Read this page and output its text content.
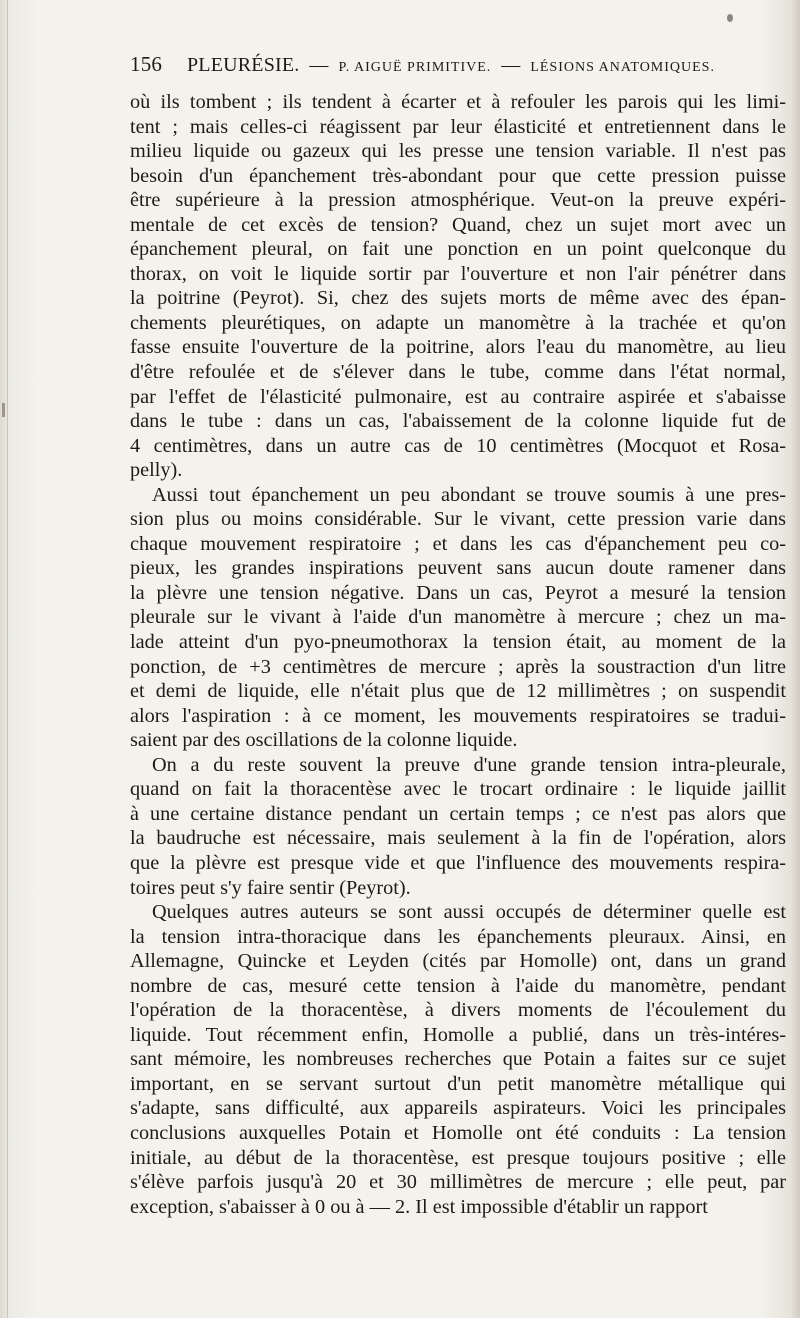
156 PLEURÉSIE. — P. AIGUË PRIMITIVE. — LÉSIONS ANATOMIQUES.
où ils tombent ; ils tendent à écarter et à refouler les parois qui les limi-
tent ; mais celles-ci réagissent par leur élasticité et entretiennent dans le
milieu liquide ou gazeux qui les presse une tension variable. Il n'est pas
besoin d'un épanchement très-abondant pour que cette pression puisse
être supérieure à la pression atmosphérique. Veut-on la preuve expéri-
mentale de cet excès de tension? Quand, chez un sujet mort avec un
épanchement pleural, on fait une ponction en un point quelconque du
thorax, on voit le liquide sortir par l'ouverture et non l'air pénétrer dans
la poitrine (Peyrot). Si, chez des sujets morts de même avec des épan-
chements pleurétiques, on adapte un manomètre à la trachée et qu'on
fasse ensuite l'ouverture de la poitrine, alors l'eau du manomètre, au lieu
d'être refoulée et de s'élever dans le tube, comme dans l'état normal,
par l'effet de l'élasticité pulmonaire, est au contraire aspirée et s'abaisse
dans le tube : dans un cas, l'abaissement de la colonne liquide fut de
4 centimètres, dans un autre cas de 10 centimètres (Mocquot et Rosa-
pelly).
Aussi tout épanchement un peu abondant se trouve soumis à une pres-
sion plus ou moins considérable. Sur le vivant, cette pression varie dans
chaque mouvement respiratoire ; et dans les cas d'épanchement peu co-
pieux, les grandes inspirations peuvent sans aucun doute ramener dans
la plèvre une tension négative. Dans un cas, Peyrot a mesuré la tension
pleurale sur le vivant à l'aide d'un manomètre à mercure ; chez un ma-
lade atteint d'un pyo-pneumothorax la tension était, au moment de la
ponction, de +3 centimètres de mercure ; après la soustraction d'un litre
et demi de liquide, elle n'était plus que de 12 millimètres ; on suspendit
alors l'aspiration : à ce moment, les mouvements respiratoires se tradui-
saient par des oscillations de la colonne liquide.
On a du reste souvent la preuve d'une grande tension intra-pleurale,
quand on fait la thoracentèse avec le trocart ordinaire : le liquide jaillit
à une certaine distance pendant un certain temps ; ce n'est pas alors que
la baudruche est nécessaire, mais seulement à la fin de l'opération, alors
que la plèvre est presque vide et que l'influence des mouvements respira-
toires peut s'y faire sentir (Peyrot).
Quelques autres auteurs se sont aussi occupés de déterminer quelle est
la tension intra-thoracique dans les épanchements pleuraux. Ainsi, en
Allemagne, Quincke et Leyden (cités par Homolle) ont, dans un grand
nombre de cas, mesuré cette tension à l'aide du manomètre, pendant
l'opération de la thoracentèse, à divers moments de l'écoulement du
liquide. Tout récemment enfin, Homolle a publié, dans un très-intéres-
sant mémoire, les nombreuses recherches que Potain a faites sur ce sujet
important, en se servant surtout d'un petit manomètre métallique qui
s'adapte, sans difficulté, aux appareils aspirateurs. Voici les principales
conclusions auxquelles Potain et Homolle ont été conduits : La tension
initiale, au début de la thoracentèse, est presque toujours positive ; elle
s'élève parfois jusqu'à 20 et 30 millimètres de mercure ; elle peut, par
exception, s'abaisser à 0 ou à — 2. Il est impossible d'établir un rapport
